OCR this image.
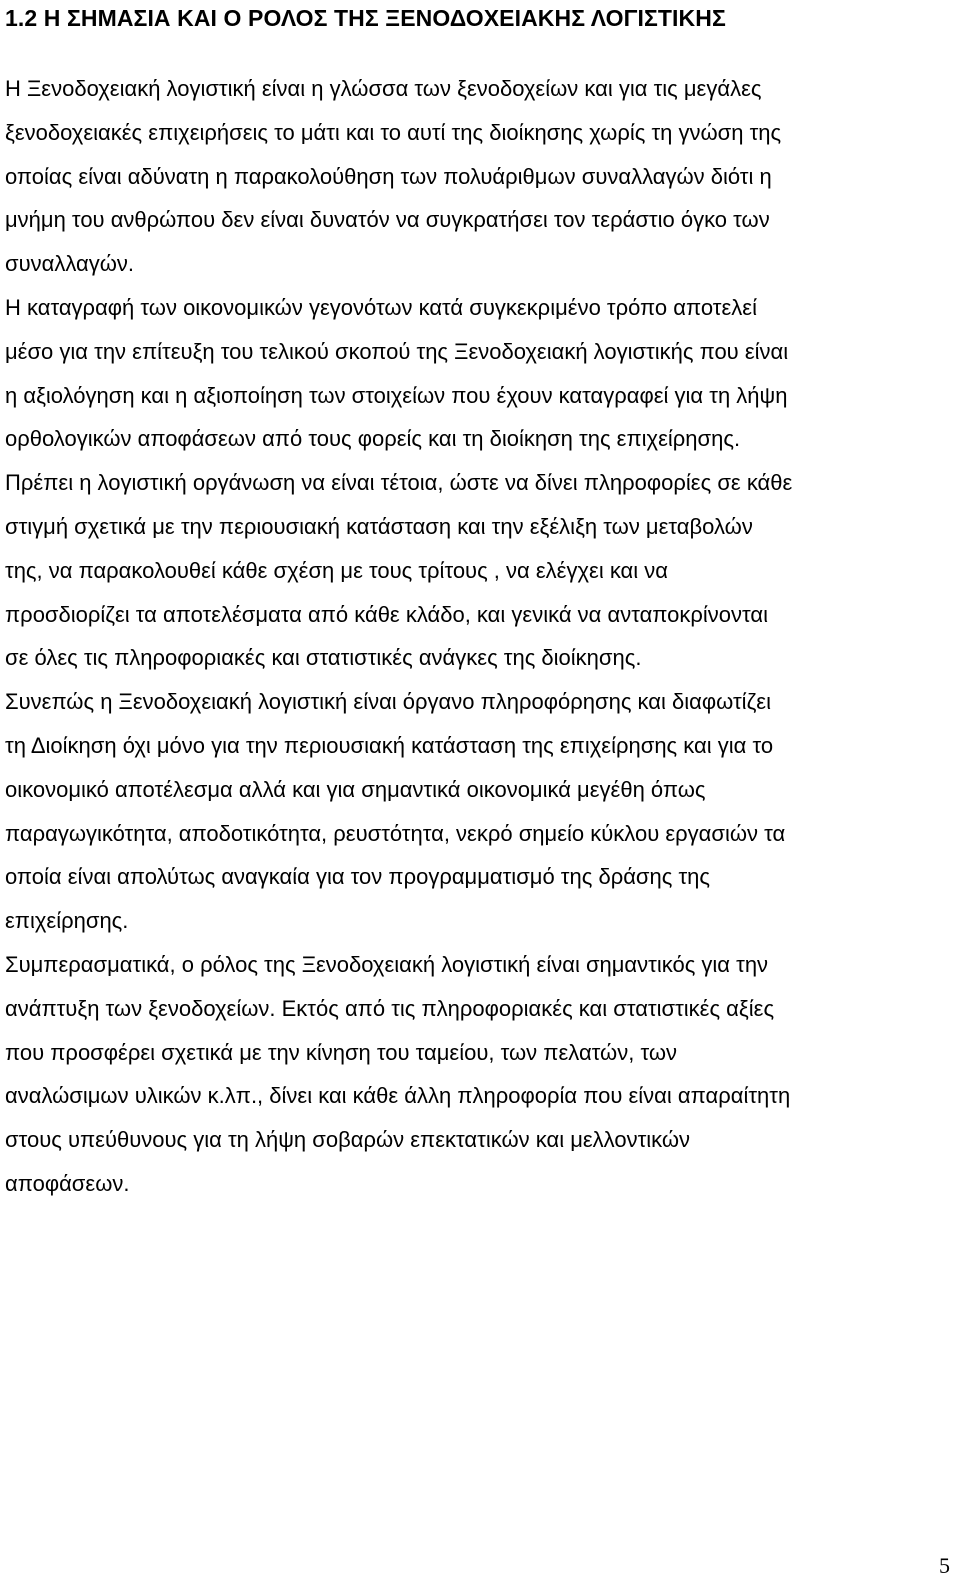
1.2 Η ΣΗΜΑΣΙΑ ΚΑΙ Ο ΡΟΛΟΣ ΤΗΣ ΞΕΝΟΔΟΧΕΙΑΚΗΣ ΛΟΓΙΣΤΙΚΗΣ

Η Ξενοδοχειακή λογιστική είναι η γλώσσα των ξενοδοχείων και για τις μεγάλες
ξενοδοχειακές επιχειρήσεις το μάτι και το αυτί της διοίκησης χωρίς τη γνώση της
οποίας είναι αδύνατη η παρακολούθηση των πολυάριθμων συναλλαγών διότι η
μνήμη του ανθρώπου δεν είναι δυνατόν να συγκρατήσει τον τεράστιο όγκο των
συναλλαγών.

Η καταγραφή των οικονομικών γεγονότων κατά συγκεκριμένο τρόπο αποτελεί
μέσο για την επίτευξη του τελικού σκοπού της Ξενοδοχειακή λογιστικής που είναι
η αξιολόγηση και η αξιοποίηση των στοιχείων που έχουν καταγραφεί για τη λήψη
ορθολογικών αποφάσεων από τους φορείς και τη διοίκηση της επιχείρησης.

Πρέπει η λογιστική οργάνωση να είναι τέτοια, ώστε να δίνει πληροφορίες σε κάθε
στιγμή σχετικά με την περιουσιακή κατάσταση και την εξέλιξη των μεταβολών
της, να παρακολουθεί κάθε σχέση με τους τρίτους , να ελέγχει και να
προσδιορίζει τα αποτελέσματα από κάθε κλάδο, και γενικά να ανταποκρίνονται
σε όλες τις πληροφοριακές και στατιστικές ανάγκες της διοίκησης.

Συνεπώς η Ξενοδοχειακή λογιστική είναι όργανο πληροφόρησης και διαφωτίζει
τη Διοίκηση όχι μόνο για την περιουσιακή κατάσταση της επιχείρησης και για το
οικονομικό αποτέλεσμα αλλά και για σημαντικά οικονομικά μεγέθη όπως
παραγωγικότητα, αποδοτικότητα, ρευστότητα, νεκρό σημείο κύκλου εργασιών τα
οποία είναι απολύτως αναγκαία για τον προγραμματισμό της δράσης της
επιχείρησης.

Συμπερασματικά, ο ρόλος της Ξενοδοχειακή λογιστική είναι σημαντικός για την
ανάπτυξη των ξενοδοχείων. Εκτός από τις πληροφοριακές και στατιστικές αξίες
που προσφέρει σχετικά με την κίνηση του ταμείου, των πελατών, των
αναλώσιμων υλικών κ.λπ., δίνει και κάθε άλλη πληροφορία που είναι απαραίτητη
στους υπεύθυνους για τη λήψη σοβαρών επεκτατικών και μελλοντικών
αποφάσεων.

5
